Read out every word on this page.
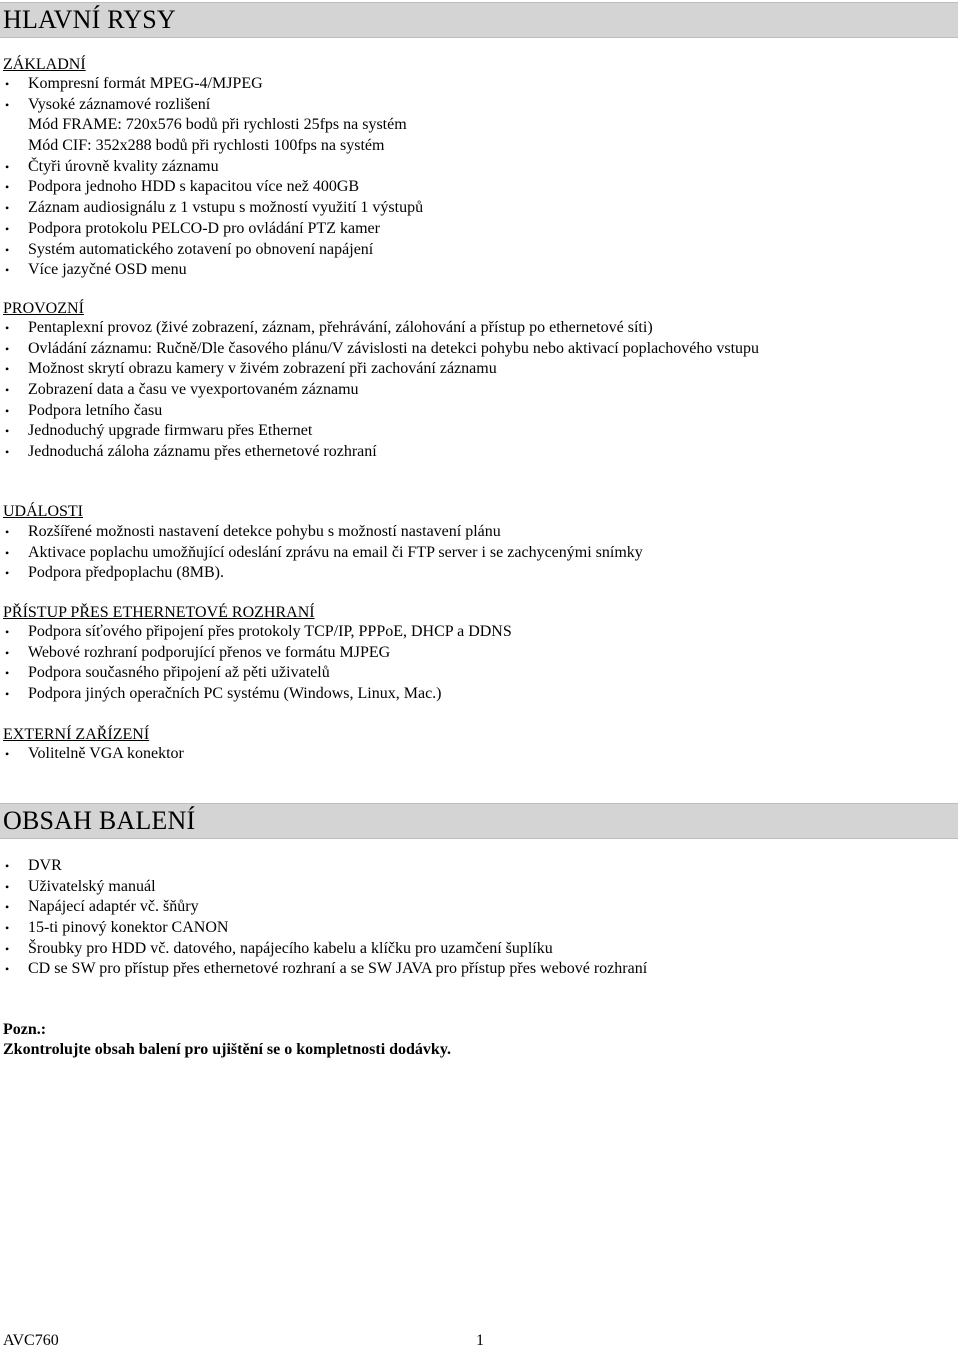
HLAVNÍ RYSY
ZÁKLADNÍ
• Kompresní formát MPEG-4/MJPEG
• Vysoké záznamové rozlišení
Mód FRAME: 720x576 bodů při rychlosti 25fps na systém
Mód CIF: 352x288 bodů při rychlosti 100fps na systém
• Čtyři úrovně kvality záznamu
• Podpora jednoho HDD s kapacitou více než 400GB
• Záznam audiosignálu z 1 vstupu s možností využití 1 výstupů
• Podpora protokolu PELCO-D pro ovládání PTZ kamer
• Systém automatického zotavení po obnovení napájení
• Více jazyčné OSD menu
PROVOZNÍ
• Pentaplexní provoz (živé zobrazení, záznam, přehrávání, zálohování a přístup po ethernetové síti)
• Ovládání záznamu: Ručně/Dle časového plánu/V závislosti na detekci pohybu nebo aktivací poplachového vstupu
• Možnost skrytí obrazu kamery v živém zobrazení při zachování záznamu
• Zobrazení data a času ve vyexportovaném záznamu
• Podpora letního času
• Jednoduchý upgrade firmwaru přes Ethernet
• Jednoduchá záloha záznamu přes ethernetové rozhraní
UDÁLOSTI
• Rozšířené možnosti nastavení detekce pohybu s možností nastavení plánu
• Aktivace poplachu umožňující odeslání zprávu na email či FTP server i se zachycenými snímky
• Podpora předpoplachu (8MB).
PŘÍSTUP PŘES ETHERNETOVÉ ROZHRANÍ
• Podpora síťového připojení přes protokoly TCP/IP, PPPoE, DHCP a DDNS
• Webové rozhraní podporující přenos ve formátu MJPEG
• Podpora současného připojení až pěti uživatelů
• Podpora jiných operačních PC systému (Windows, Linux, Mac.)
EXTERNÍ ZAŘÍZENÍ
• Volitelně VGA konektor
OBSAH BALENÍ
• DVR
• Uživatelský manuál
• Napájecí adaptér vč. šňůry
• 15-ti pinový konektor CANON
• Šroubky pro HDD vč. datového, napájecího kabelu a klíčku pro uzamčení šuplíku
• CD se SW pro přístup přes ethernetové rozhraní a se SW JAVA pro přístup přes webové rozhraní
Pozn.:
Zkontrolujte obsah balení pro ujištění se o kompletnosti dodávky.
AVC760	1
